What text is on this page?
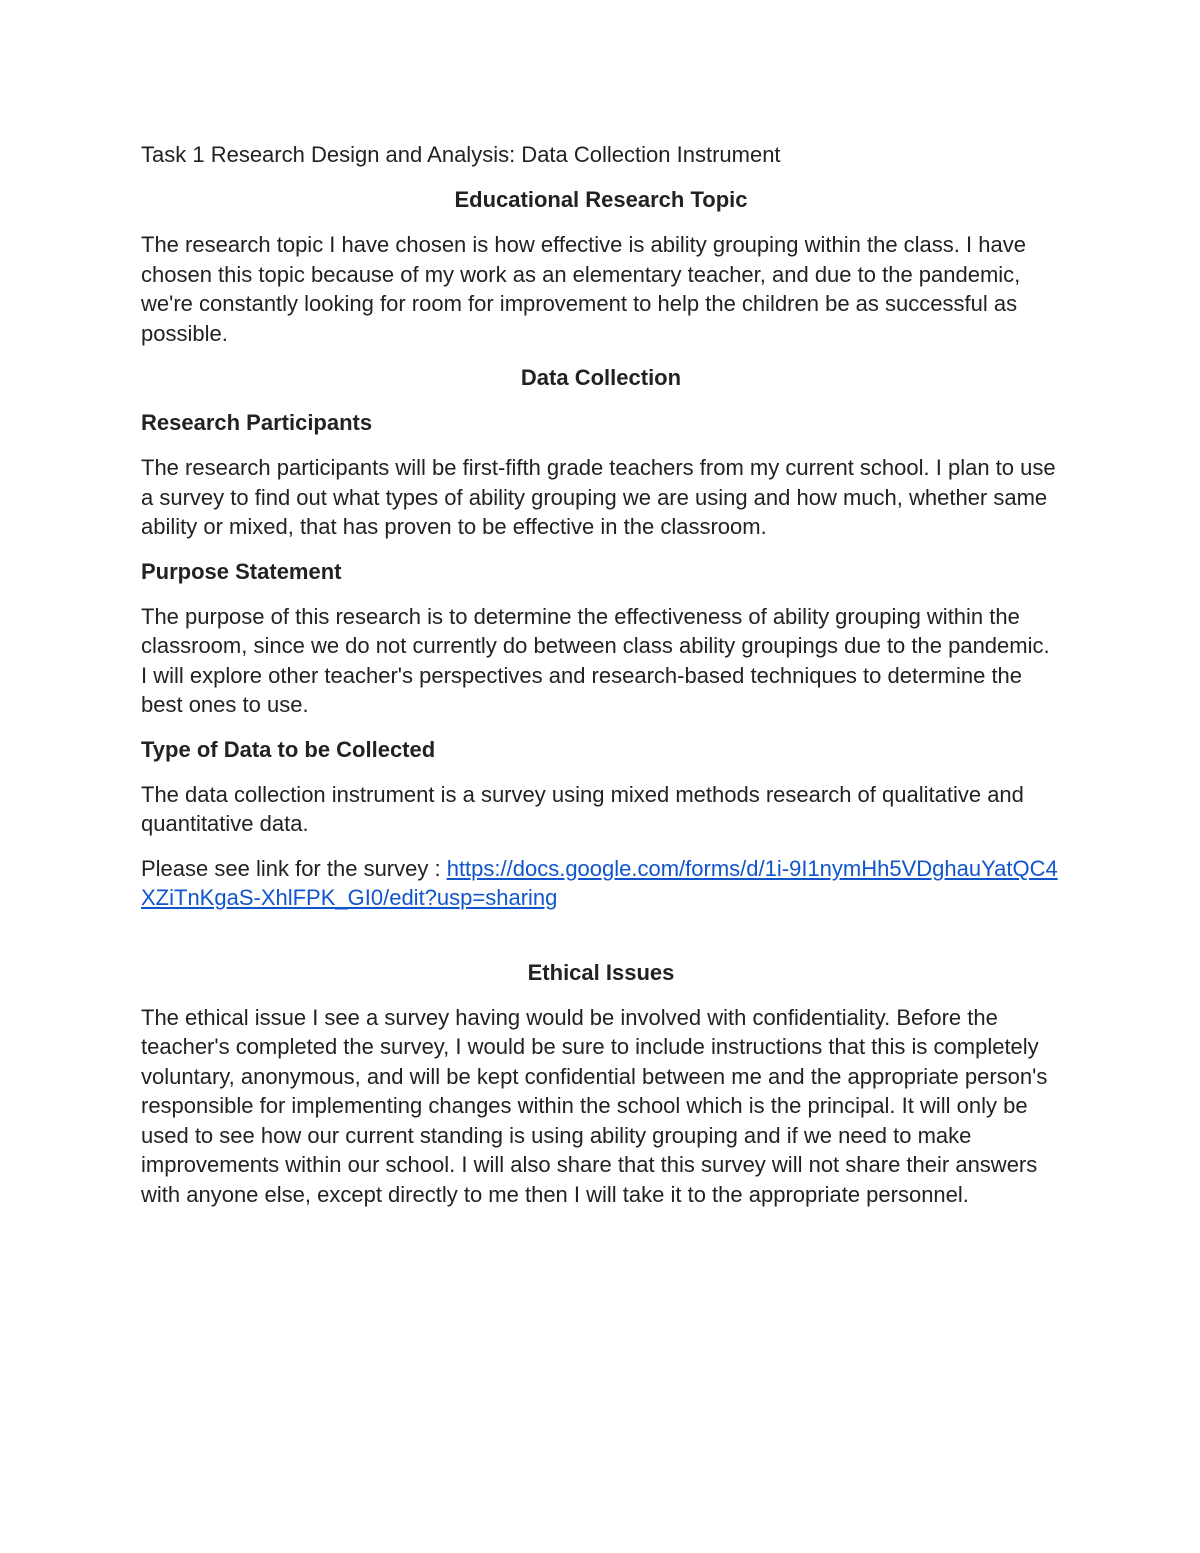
Task 1 Research Design and Analysis: Data Collection Instrument
Educational Research Topic

The research topic I have chosen is how effective is ability grouping within the class. I have chosen this topic because of my work as an elementary teacher, and due to the pandemic, we're constantly looking for room for improvement to help the children be as successful as possible.

Data Collection
Research Participants

The research participants will be first-fifth grade teachers from my current school. I plan to use a survey to find out what types of ability grouping we are using and how much, whether same ability or mixed, that has proven to be effective in the classroom.

Purpose Statement

The purpose of this research is to determine the effectiveness of ability grouping within the classroom, since we do not currently do between class ability groupings due to the pandemic. I will explore other teacher's perspectives and research-based techniques to determine the best ones to use.

Type of Data to be Collected

The data collection instrument is a survey using mixed methods research of qualitative and quantitative data.

Please see link for the survey : https://docs.google.com/forms/d/1i-9I1nymHh5VDghauYatQC4XZiTnKgaS-XhlFPK_GI0/edit?usp=sharing

Ethical Issues

The ethical issue I see a survey having would be involved with confidentiality. Before the teacher's completed the survey, I would be sure to include instructions that this is completely voluntary, anonymous, and will be kept confidential between me and the appropriate person's responsible for implementing changes within the school which is the principal. It will only be used to see how our current standing is using ability grouping and if we need to make improvements within our school. I will also share that this survey will not share their answers with anyone else, except directly to me then I will take it to the appropriate personnel.
